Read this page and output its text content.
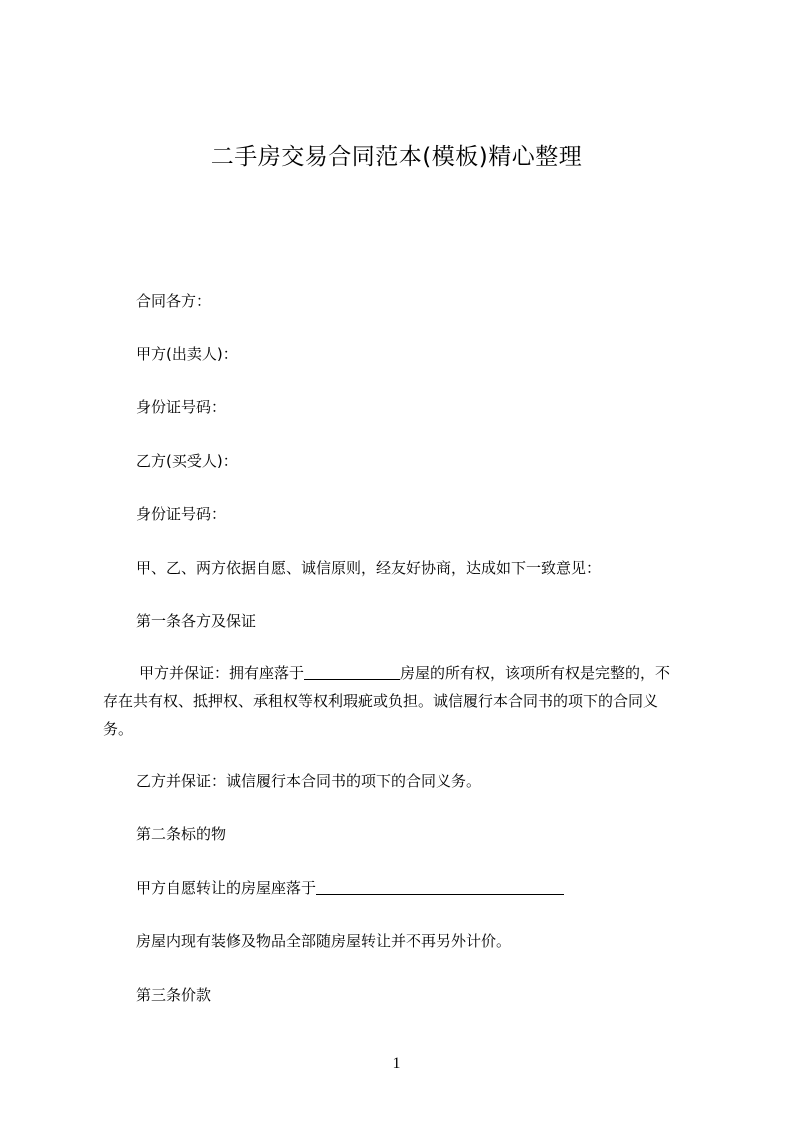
二手房交易合同范本(模板)精心整理
合同各方：
甲方(出卖人)：
身份证号码：
乙方(买受人)：
身份证号码：
甲、乙、两方依据自愿、诚信原则，经友好协商，达成如下一致意见：
第一条各方及保证
甲方并保证：拥有座落于	房屋的所有权，该项所有权是完整的，不
存在共有权、抵押权、承租权等权利瑕疵或负担。诚信履行本合同书的项下的合同义
务。
乙方并保证：诚信履行本合同书的项下的合同义务。
第二条标的物
甲方自愿转让的房屋座落于
房屋内现有装修及物品全部随房屋转让并不再另外计价。
第三条价款
1
